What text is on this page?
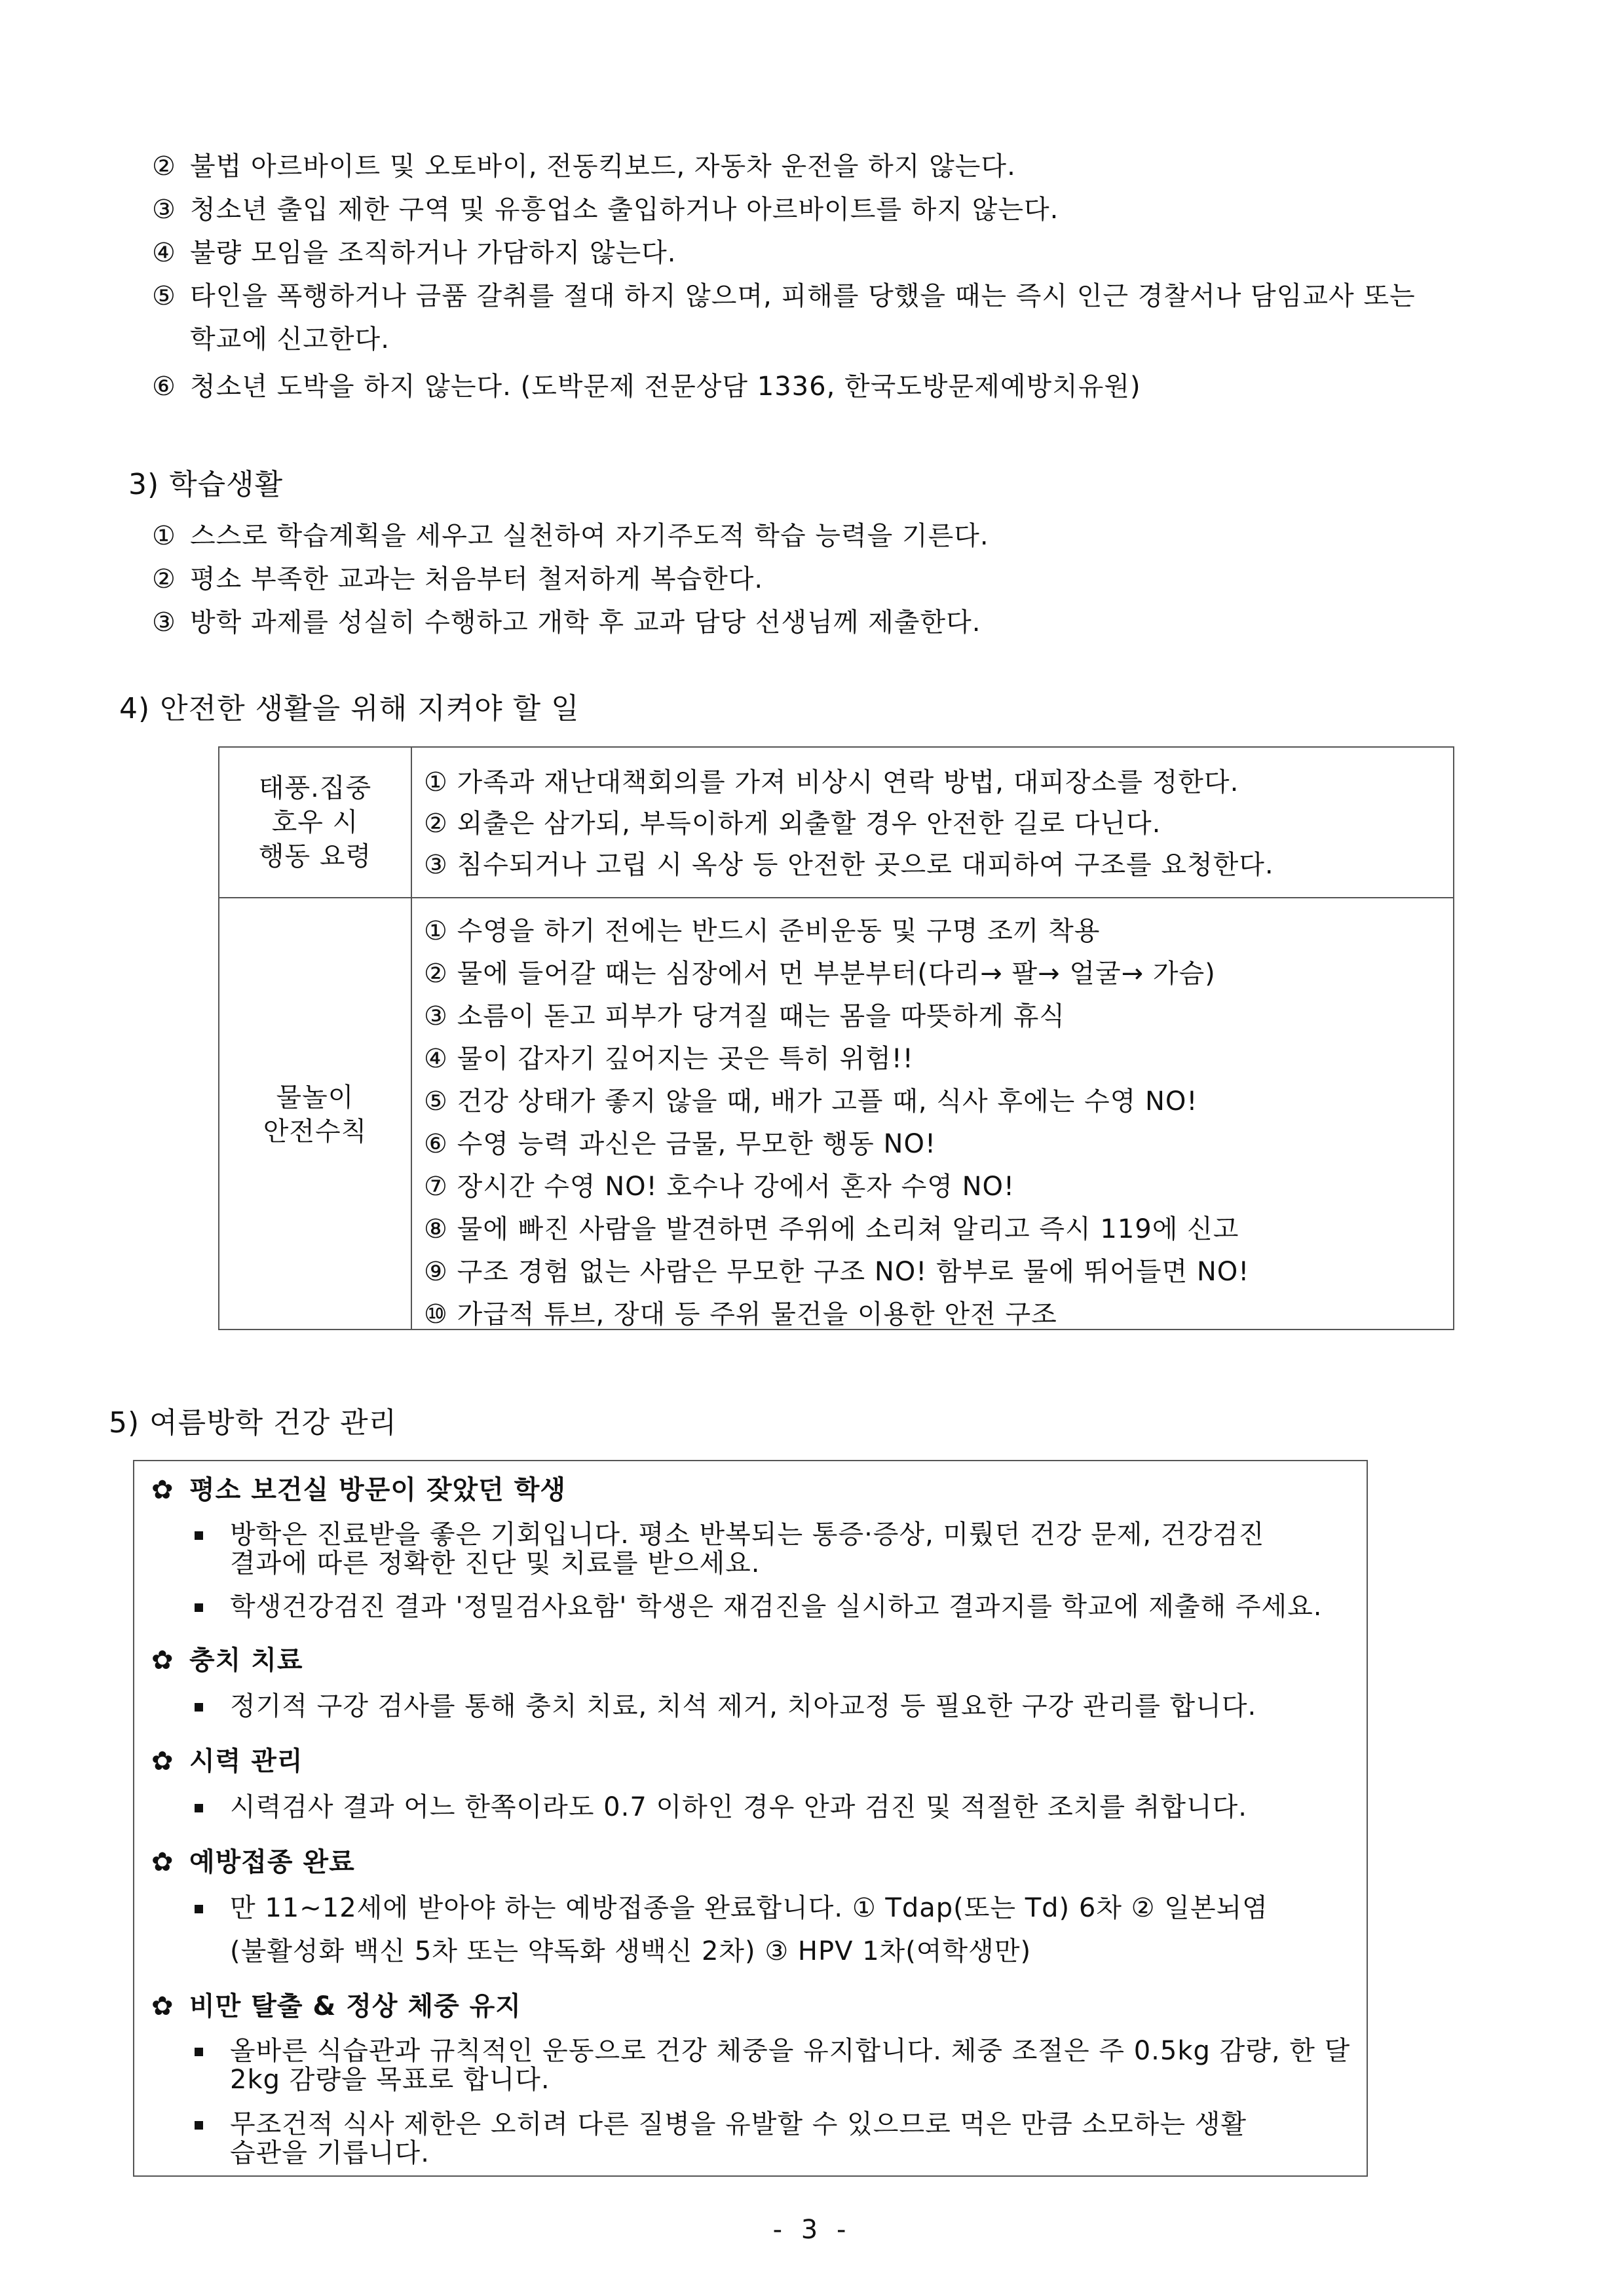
② 불법 아르바이트 및 오토바이, 전동킥보드, 자동차 운전을 하지 않는다.
③ 청소년 출입 제한 구역 및 유흥업소 출입하거나 아르바이트를 하지 않는다.
④ 불량 모임을 조직하거나 가담하지 않는다.
⑤ 타인을 폭행하거나 금품 갈취를 절대 하지 않으며, 피해를 당했을 때는 즉시 인근 경찰서나 담임교사 또는
학교에 신고한다.
⑥ 청소년 도박을 하지 않는다. (도박문제 전문상담 1336, 한국도방문제예방치유원)
3) 학습생활
① 스스로 학습계획을 세우고 실천하여 자기주도적 학습 능력을 기른다.
② 평소 부족한 교과는 처음부터 철저하게 복습한다.
③ 방학 과제를 성실히 수행하고 개학 후 교과 담당 선생님께 제출한다.
4) 안전한 생활을 위해 지켜야 할 일
태풍.집중
호우 시
행동 요령
① 가족과 재난대책회의를 가져 비상시 연락 방법, 대피장소를 정한다.
② 외출은 삼가되, 부득이하게 외출할 경우 안전한 길로 다닌다.
③ 침수되거나 고립 시 옥상 등 안전한 곳으로 대피하여 구조를 요청한다.
물놀이
안전수칙
① 수영을 하기 전에는 반드시 준비운동 및 구명 조끼 착용
② 물에 들어갈 때는 심장에서 먼 부분부터(다리→ 팔→ 얼굴→ 가슴)
③ 소름이 돋고 피부가 당겨질 때는 몸을 따뜻하게 휴식
④ 물이 갑자기 깊어지는 곳은 특히 위험!!
⑤ 건강 상태가 좋지 않을 때, 배가 고플 때, 식사 후에는 수영 NO!
⑥ 수영 능력 과신은 금물, 무모한 행동 NO!
⑦ 장시간 수영 NO! 호수나 강에서 혼자 수영 NO!
⑧ 물에 빠진 사람을 발견하면 주위에 소리쳐 알리고 즉시 119에 신고
⑨ 구조 경험 없는 사람은 무모한 구조 NO! 함부로 물에 뛰어들면 NO!
⑩ 가급적 튜브, 장대 등 주위 물건을 이용한 안전 구조
5) 여름방학 건강 관리
✿ 평소 보건실 방문이 잦았던 학생
방학은 진료받을 좋은 기회입니다. 평소 반복되는 통증·증상, 미뤘던 건강 문제, 건강검진
결과에 따른 정확한 진단 및 치료를 받으세요.
학생건강검진 결과 '정밀검사요함' 학생은 재검진을 실시하고 결과지를 학교에 제출해 주세요.
✿ 충치 치료
정기적 구강 검사를 통해 충치 치료, 치석 제거, 치아교정 등 필요한 구강 관리를 합니다.
✿ 시력 관리
시력검사 결과 어느 한쪽이라도 0.7 이하인 경우 안과 검진 및 적절한 조치를 취합니다.
✿ 예방접종 완료
만 11~12세에 받아야 하는 예방접종을 완료합니다. ① Tdap(또는 Td) 6차 ② 일본뇌염
(불활성화 백신 5차 또는 약독화 생백신 2차) ③ HPV 1차(여학생만)
✿ 비만 탈출 & 정상 체중 유지
올바른 식습관과 규칙적인 운동으로 건강 체중을 유지합니다. 체중 조절은 주 0.5kg 감량, 한 달
2kg 감량을 목표로 합니다.
무조건적 식사 제한은 오히려 다른 질병을 유발할 수 있으므로 먹은 만큼 소모하는 생활
습관을 기릅니다.
- 3 -
